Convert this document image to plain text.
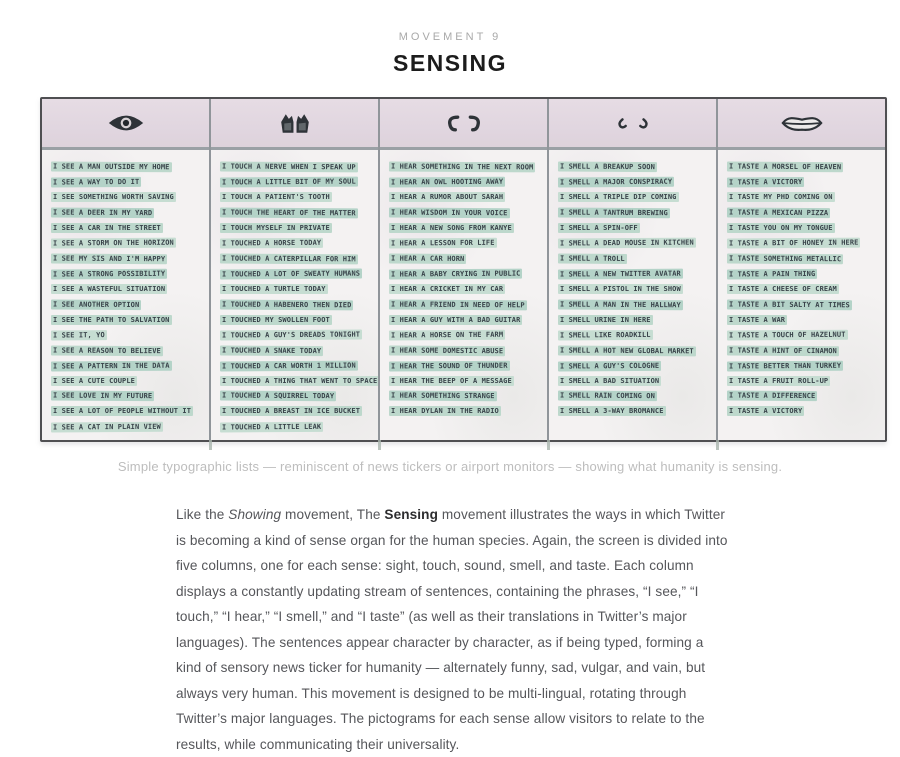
MOVEMENT 9
SENSING
I SEE A MAN OUTSIDE MY HOME
I SEE A WAY TO DO IT
I SEE SOMETHING WORTH SAVING
I SEE A DEER IN MY YARD
I SEE A CAR IN THE STREET
I SEE A STORM ON THE HORIZON
I SEE MY SIS AND I'M HAPPY
I SEE A STRONG POSSIBILITY
I SEE A WASTEFUL SITUATION
I SEE ANOTHER OPTION
I SEE THE PATH TO SALVATION
I SEE IT, YO
I SEE A REASON TO BELIEVE
I SEE A PATTERN IN THE DATA
I SEE A CUTE COUPLE
I SEE LOVE IN MY FUTURE
I SEE A LOT OF PEOPLE WITHOUT IT
I SEE A CAT IN PLAIN VIEW
I TOUCH A NERVE WHEN I SPEAK UP
I TOUCH A LITTLE BIT OF MY SOUL
I TOUCH A PATIENT'S TOOTH
I TOUCH THE HEART OF THE MATTER
I TOUCH MYSELF IN PRIVATE
I TOUCHED A HORSE TODAY
I TOUCHED A CATERPILLAR FOR HIM
I TOUCHED A LOT OF SWEATY HUMANS
I TOUCHED A TURTLE TODAY
I TOUCHED A HABENERO THEN DIED
I TOUCHED MY SWOLLEN FOOT
I TOUCHED A GUY'S DREADS TONIGHT
I TOUCHED A SNAKE TODAY
I TOUCHED A CAR WORTH 1 MILLION
I TOUCHED A THING THAT WENT TO SPACE
I TOUCHED A SQUIRREL TODAY
I TOUCHED A BREAST IN ICE BUCKET
I TOUCHED A LITTLE LEAK
I HEAR SOMETHING IN THE NEXT ROOM
I HEAR AN OWL HOOTING AWAY
I HEAR A RUMOR ABOUT SARAH
I HEAR WISDOM IN YOUR VOICE
I HEAR A NEW SONG FROM KANYE
I HEAR A LESSON FOR LIFE
I HEAR A CAR HORN
I HEAR A BABY CRYING IN PUBLIC
I HEAR A CRICKET IN MY CAR
I HEAR A FRIEND IN NEED OF HELP
I HEAR A GUY WITH A BAD GUITAR
I HEAR A HORSE ON THE FARM
I HEAR SOME DOMESTIC ABUSE
I HEAR THE SOUND OF THUNDER
I HEAR THE BEEP OF A MESSAGE
I HEAR SOMETHING STRANGE
I HEAR DYLAN IN THE RADIO
I SMELL A BREAKUP SOON
I SMELL A MAJOR CONSPIRACY
I SMELL A TRIPLE DIP COMING
I SMELL A TANTRUM BREWING
I SMELL A SPIN-OFF
I SMELL A DEAD MOUSE IN KITCHEN
I SMELL A TROLL
I SMELL A NEW TWITTER AVATAR
I SMELL A PISTOL IN THE SHOW
I SMELL A MAN IN THE HALLWAY
I SMELL URINE IN HERE
I SMELL LIKE ROADKILL
I SMELL A HOT NEW GLOBAL MARKET
I SMELL A GUY'S COLOGNE
I SMELL A BAD SITUATION
I SMELL RAIN COMING ON
I SMELL A 3-WAY BROMANCE
I TASTE A MORSEL OF HEAVEN
I TASTE A VICTORY
I TASTE MY PHD COMING ON
I TASTE A MEXICAN PIZZA
I TASTE YOU ON MY TONGUE
I TASTE A BIT OF HONEY IN HERE
I TASTE SOMETHING METALLIC
I TASTE A PAIN THING
I TASTE A CHEESE OF CREAM
I TASTE A BIT SALTY AT TIMES
I TASTE A WAR
I TASTE A TOUCH OF HAZELNUT
I TASTE A HINT OF CINAMON
I TASTE BETTER THAN TURKEY
I TASTE A FRUIT ROLL-UP
I TASTE A DIFFERENCE
I TASTE A VICTORY
Simple typographic lists — reminiscent of news tickers or airport monitors — showing what humanity is sensing.

Like the Showing movement, The Sensing movement illustrates the ways in which Twitter is becoming a kind of sense organ for the human species. Again, the screen is divided into five columns, one for each sense: sight, touch, sound, smell, and taste. Each column displays a constantly updating stream of sentences, containing the phrases, “I see,” “I touch,” “I hear,” “I smell,” and “I taste” (as well as their translations in Twitter’s major languages). The sentences appear character by character, as if being typed, forming a kind of sensory news ticker for humanity — alternately funny, sad, vulgar, and vain, but always very human. This movement is designed to be multi-lingual, rotating through Twitter’s major languages. The pictograms for each sense allow visitors to relate to the results, while communicating their universality.
